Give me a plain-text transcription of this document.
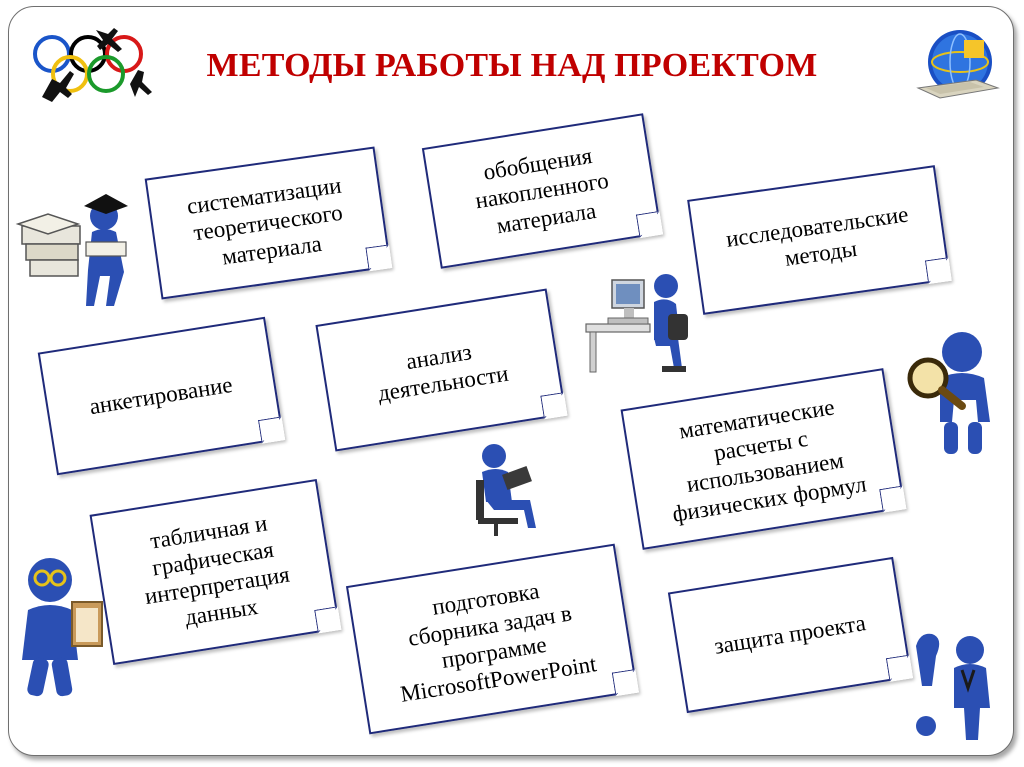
МЕТОДЫ РАБОТЫ НАД ПРОЕКТОМ
систематизации
теоретического
материала
обобщения
накопленного
материала	исследовательские
методы
анкетирование
анализ
деятельности
математические
расчеты с
использованием
физических формул
табличная и
графическая
интерпретация
данных	подготовка
сборника задач в
программе
MicrosoftPowerPoint
защита проекта
